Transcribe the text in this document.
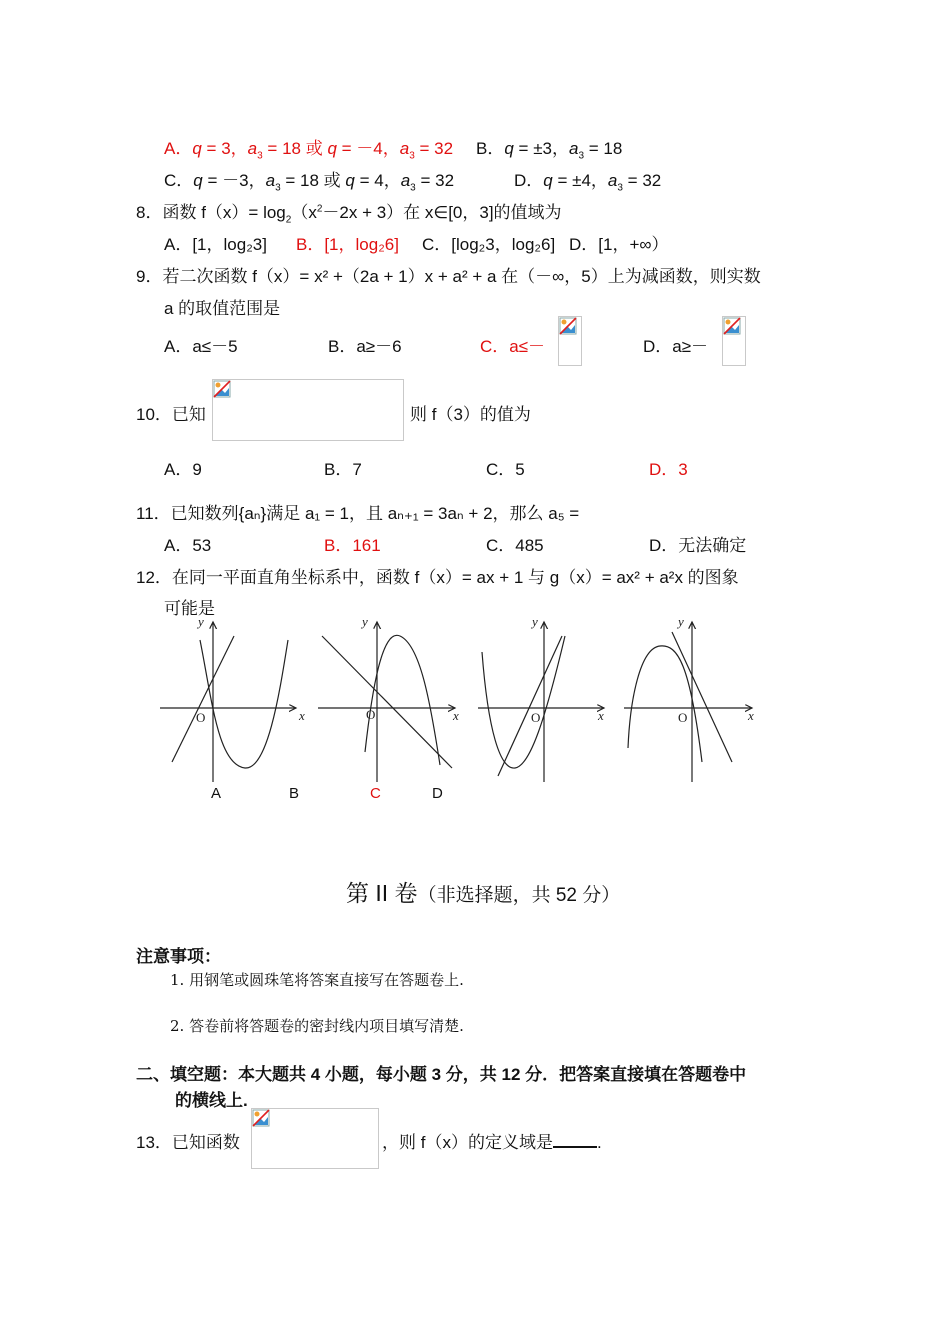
A．q = 3，$a_3 = 18$ 或 q = －4，$a_3 = 32$ B．q = ±3，$a_3 = 18$
C．q = －3，$a_3 = 18$ 或 q = 4，$a_3 = 32$	D．q = ±4，$a_3 = 32$
8．函数 $f(x)= \log_2(x^2-2x + 3)$在 x∈[0，3]的值域为
A．[1，log₂3] B．[1，log₂6] C．[log₂3，log₂6] D．[1，+∞）
9．若二次函数 f（x）= x² +（2a + 1）x + a² + a 在（－∞，5）上为减函数，则实数
a 的取值范围是
A．a≤－5	B．a≥－6	C．a≤－	D．a≥－
10．已知	则 f（3）的值为
A．9	B．7	C．5	D．3
11．已知数列{aₙ}满足 a₁ = 1，且 aₙ₊₁ = 3aₙ + 2，那么 a₅ =
A．53	B．161	C．485	D．无法确定
12．在同一平面直角坐标系中，函数 f（x）= ax + 1 与 g（x）= ax² + a²x 的图象
可能是
y
x
O
y
x
O
y
x
O
y
x
O
A	B	C	D
第 II 卷（非选择题，共 52 分）
注意事项：
1. 用钢笔或圆珠笔将答案直接写在答题卷上.
2. 答卷前将答题卷的密封线内项目填写清楚.
二、填空题：本大题共 4 小题，每小题 3 分，共 12 分．把答案直接填在答题卷中
的横线上.
13．已知函数	，则 f（x）的定义域是	.
